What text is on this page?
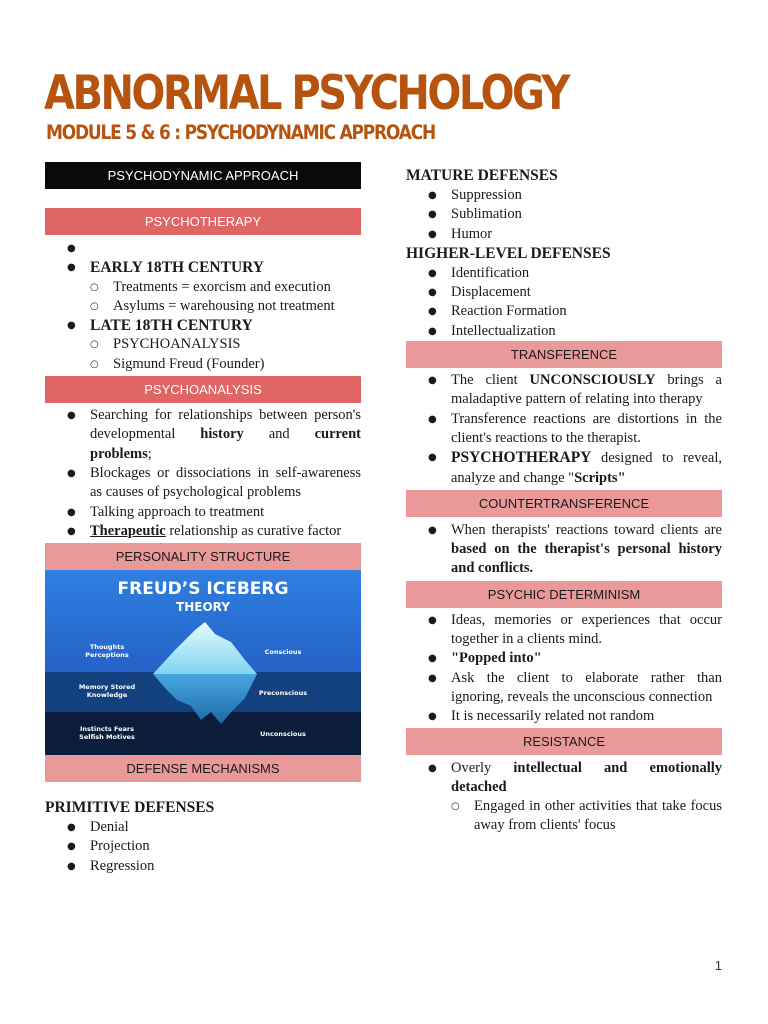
ABNORMAL PSYCHOLOGY
MODULE 5 & 6 : PSYCHODYNAMIC APPROACH
PSYCHODYNAMIC APPROACH
PSYCHOTHERAPY
●
● EARLY 18TH CENTURY
○ Treatments = exorcism and execution
○ Asylums = warehousing not treatment
● LATE 18TH CENTURY
○ PSYCHOANALYSIS
○ Sigmund Freud (Founder)
PSYCHOANALYSIS
● Searching for relationships between person's developmental history and current problems;
● Blockages or dissociations in self-awareness as causes of psychological problems
● Talking approach to treatment
● Therapeutic relationship as curative factor
PERSONALITY STRUCTURE
FREUD’S ICEBERG
THEORY
Thoughts
Perceptions
Memory Stored
Knowledge
Instincts Fears
Selfish Motives
Conscious
Preconscious
Unconscious
DEFENSE MECHANISMS
PRIMITIVE DEFENSES
● Denial
● Projection
● Regression
MATURE DEFENSES
● Suppression
● Sublimation
● Humor
HIGHER-LEVEL DEFENSES
● Identification
● Displacement
● Reaction Formation
● Intellectualization
TRANSFERENCE
● The client UNCONSCIOUSLY brings a maladaptive pattern of relating into therapy
● Transference reactions are distortions in the client's reactions to the therapist.
● PSYCHOTHERAPY designed to reveal, analyze and change "Scripts"
COUNTERTRANSFERENCE
● When therapists' reactions toward clients are based on the therapist's personal history and conflicts.
PSYCHIC DETERMINISM
● Ideas, memories or experiences that occur together in a clients mind.
● "Popped into"
● Ask the client to elaborate rather than ignoring, reveals the unconscious connection
● It is necessarily related not random
RESISTANCE
● Overly intellectual and emotionally detached
○ Engaged in other activities that take focus away from clients' focus
1
